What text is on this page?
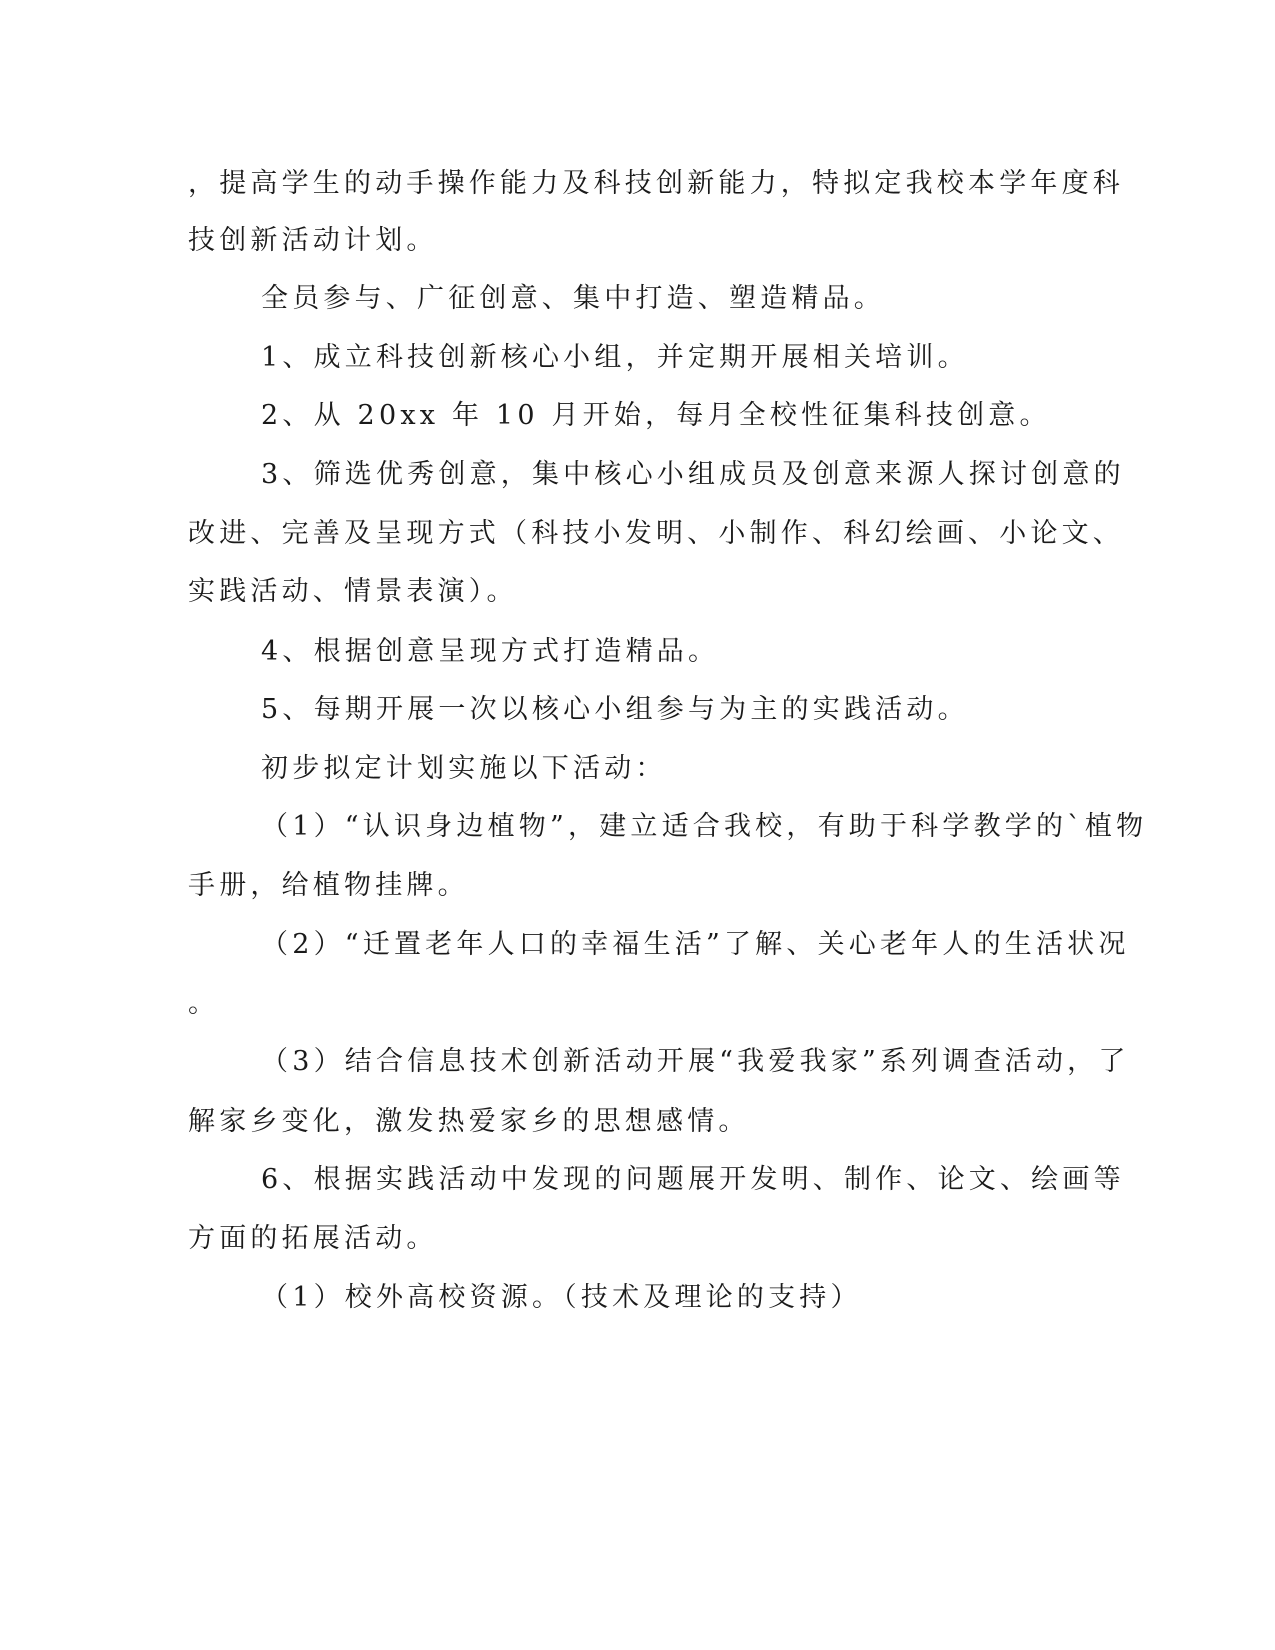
，提高学生的动手操作能力及科技创新能力，特拟定我校本学年度科

技创新活动计划。

全员参与、广征创意、集中打造、塑造精品。

1、成立科技创新核心小组，并定期开展相关培训。

2、从 20xx 年 10 月开始，每月全校性征集科技创意。

3、筛选优秀创意，集中核心小组成员及创意来源人探讨创意的

改进、完善及呈现方式（科技小发明、小制作、科幻绘画、小论文、

实践活动、情景表演）。

4、根据创意呈现方式打造精品。

5、每期开展一次以核心小组参与为主的实践活动。

初步拟定计划实施以下活动：

（1）“认识身边植物”，建立适合我校，有助于科学教学的`植物

手册，给植物挂牌。

（2）“迁置老年人口的幸福生活”了解、关心老年人的生活状况

。

（3）结合信息技术创新活动开展“我爱我家”系列调查活动，了

解家乡变化，激发热爱家乡的思想感情。

6、根据实践活动中发现的问题展开发明、制作、论文、绘画等

方面的拓展活动。

（1）校外高校资源。（技术及理论的支持）
